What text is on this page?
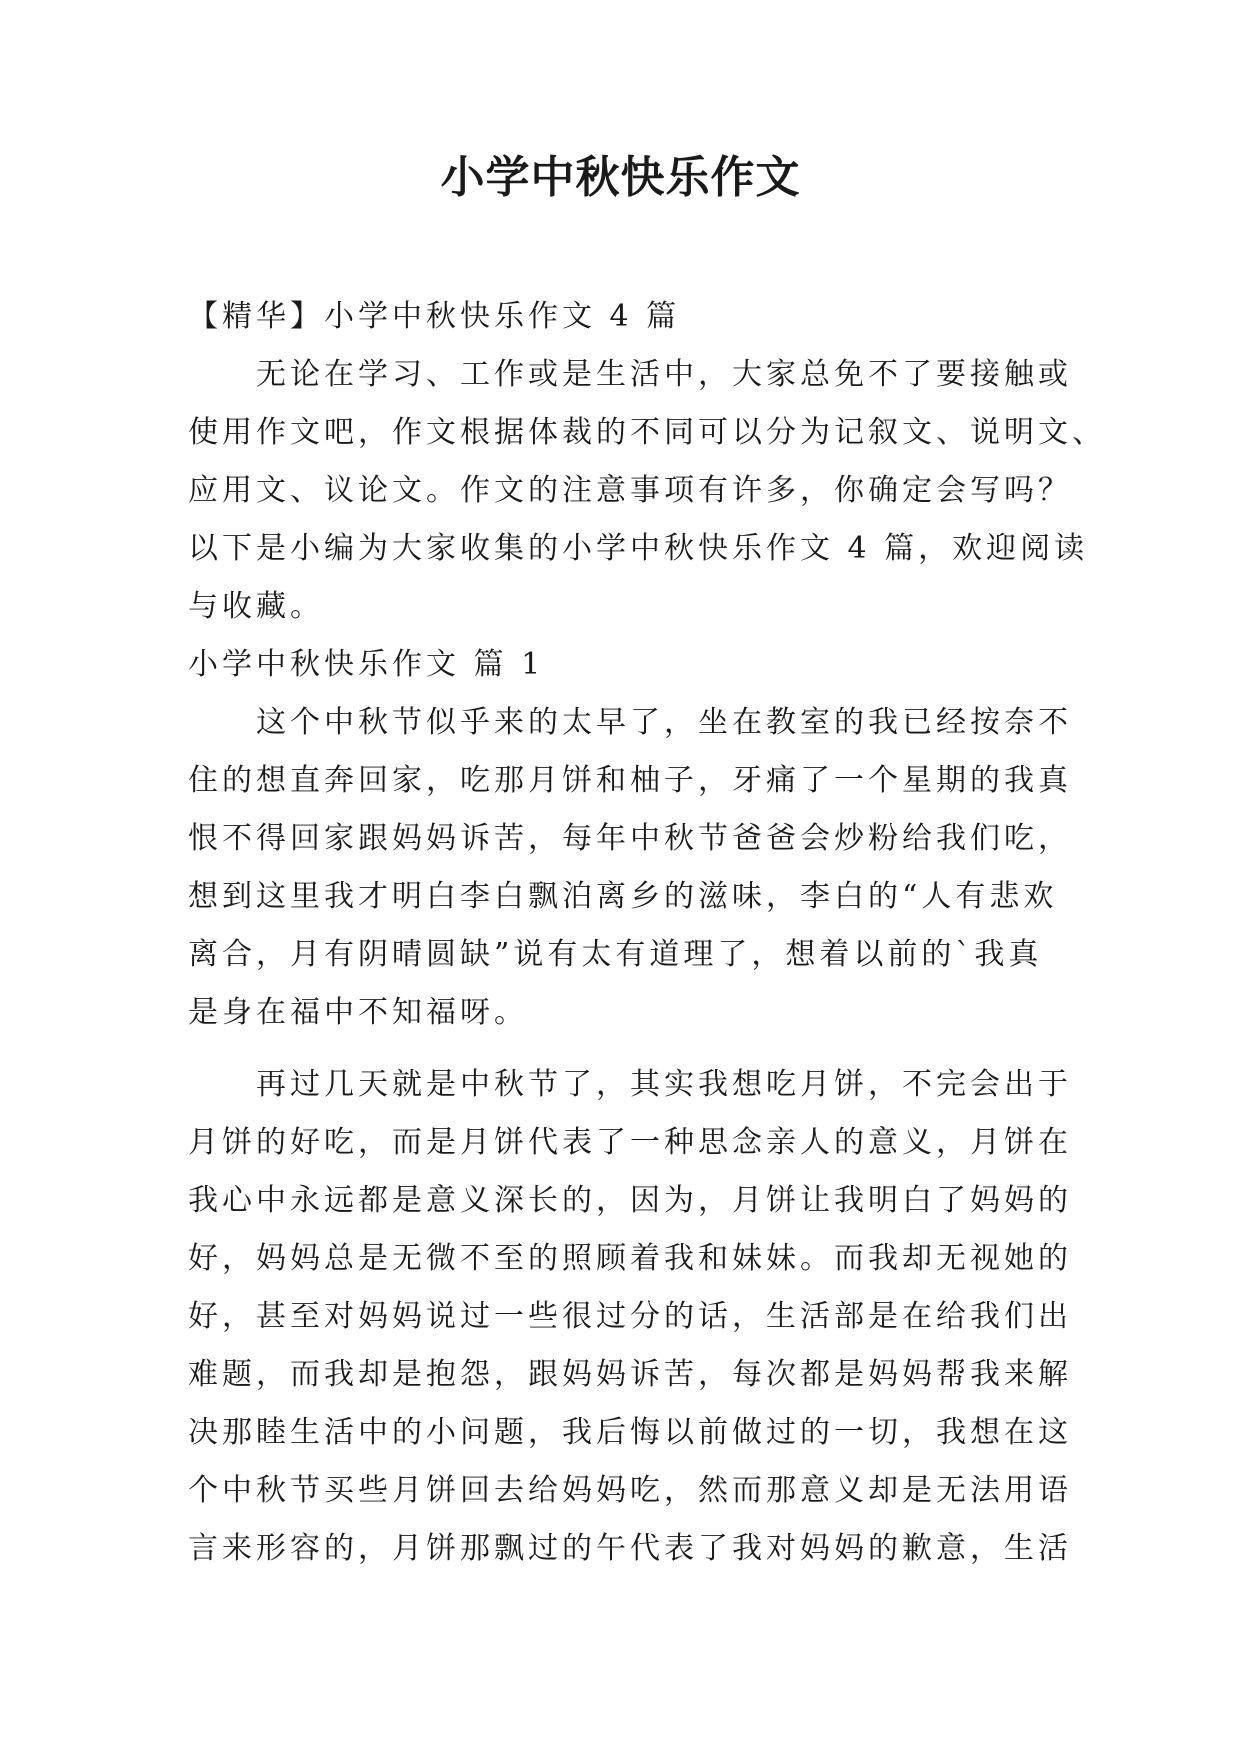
小学中秋快乐作文

【精华】小学中秋快乐作文 4 篇

　　无论在学习、工作或是生活中，大家总免不了要接触或

使用作文吧，作文根据体裁的不同可以分为记叙文、说明文、

应用文、议论文。作文的注意事项有许多，你确定会写吗？

以下是小编为大家收集的小学中秋快乐作文 4 篇，欢迎阅读

与收藏。

小学中秋快乐作文 篇 1

　　这个中秋节似乎来的太早了，坐在教室的我已经按奈不

住的想直奔回家，吃那月饼和柚子，牙痛了一个星期的我真

恨不得回家跟妈妈诉苦，每年中秋节爸爸会炒粉给我们吃，

想到这里我才明白李白飘泊离乡的滋味，李白的“人有悲欢

离合，月有阴晴圆缺”说有太有道理了，想着以前的`我真

是身在福中不知福呀。

　　再过几天就是中秋节了，其实我想吃月饼，不完会出于

月饼的好吃，而是月饼代表了一种思念亲人的意义，月饼在

我心中永远都是意义深长的，因为，月饼让我明白了妈妈的

好，妈妈总是无微不至的照顾着我和妹妹。而我却无视她的

好，甚至对妈妈说过一些很过分的话，生活部是在给我们出

难题，而我却是抱怨，跟妈妈诉苦，每次都是妈妈帮我来解

决那睦生活中的小问题，我后悔以前做过的一切，我想在这

个中秋节买些月饼回去给妈妈吃，然而那意义却是无法用语

言来形容的，月饼那飘过的午代表了我对妈妈的歉意，生活
